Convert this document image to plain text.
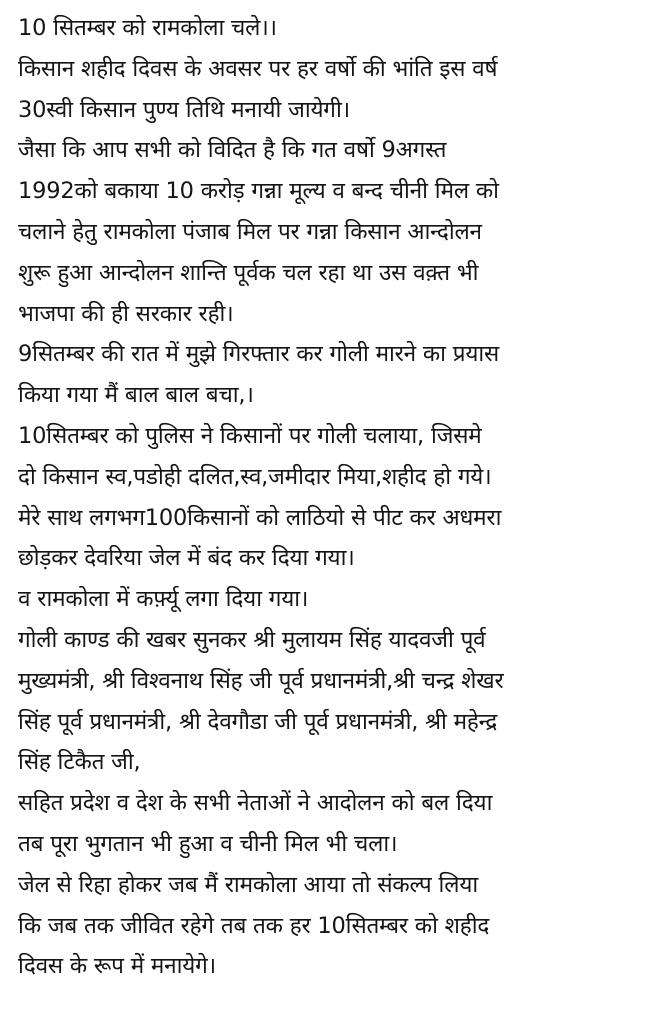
10 सितम्बर को रामकोला चले।।
किसान शहीद दिवस के अवसर पर हर वर्षो की भांति इस वर्ष
30स्वी किसान पुण्य तिथि मनायी जायेगी।
जैसा कि आप सभी को विदित है कि गत वर्षो 9अगस्त
1992को बकाया 10 करोड़ गन्ना मूल्य व बन्द चीनी मिल को
चलाने हेतु रामकोला पंजाब मिल पर गन्ना किसान आन्दोलन
शुरू हुआ आन्दोलन शान्ति पूर्वक चल रहा था उस वक़्त भी
भाजपा की ही सरकार रही।
9सितम्बर की रात में मुझे गिरफ्तार कर गोली मारने का प्रयास
किया गया मैं बाल बाल बचा,।
10सितम्बर को पुलिस ने किसानों पर गोली चलाया, जिसमे
दो किसान स्व,पडोही दलित,स्व,जमीदार मिया,शहीद हो गये।
मेरे साथ लगभग100किसानों को लाठियो से पीट कर अधमरा
छोड़कर देवरिया जेल में बंद कर दिया गया।
व रामकोला में कर्फ़्यू लगा दिया गया।
गोली काण्ड की खबर सुनकर श्री मुलायम सिंह यादवजी पूर्व
मुख्यमंत्री, श्री विश्वनाथ सिंह जी पूर्व प्रधानमंत्री,श्री चन्द्र शेखर
सिंह पूर्व प्रधानमंत्री, श्री देवगौडा जी पूर्व प्रधानमंत्री, श्री महेन्द्र
सिंह टिकैत जी,
सहित प्रदेश व देश के सभी नेताओं ने आदोलन को बल दिया
तब पूरा भुगतान भी हुआ व चीनी मिल भी चला।
जेल से रिहा होकर जब मैं रामकोला आया तो संकल्प लिया
कि जब तक जीवित रहेगे तब तक हर 10सितम्बर को शहीद
दिवस के रूप में मनायेगे।
